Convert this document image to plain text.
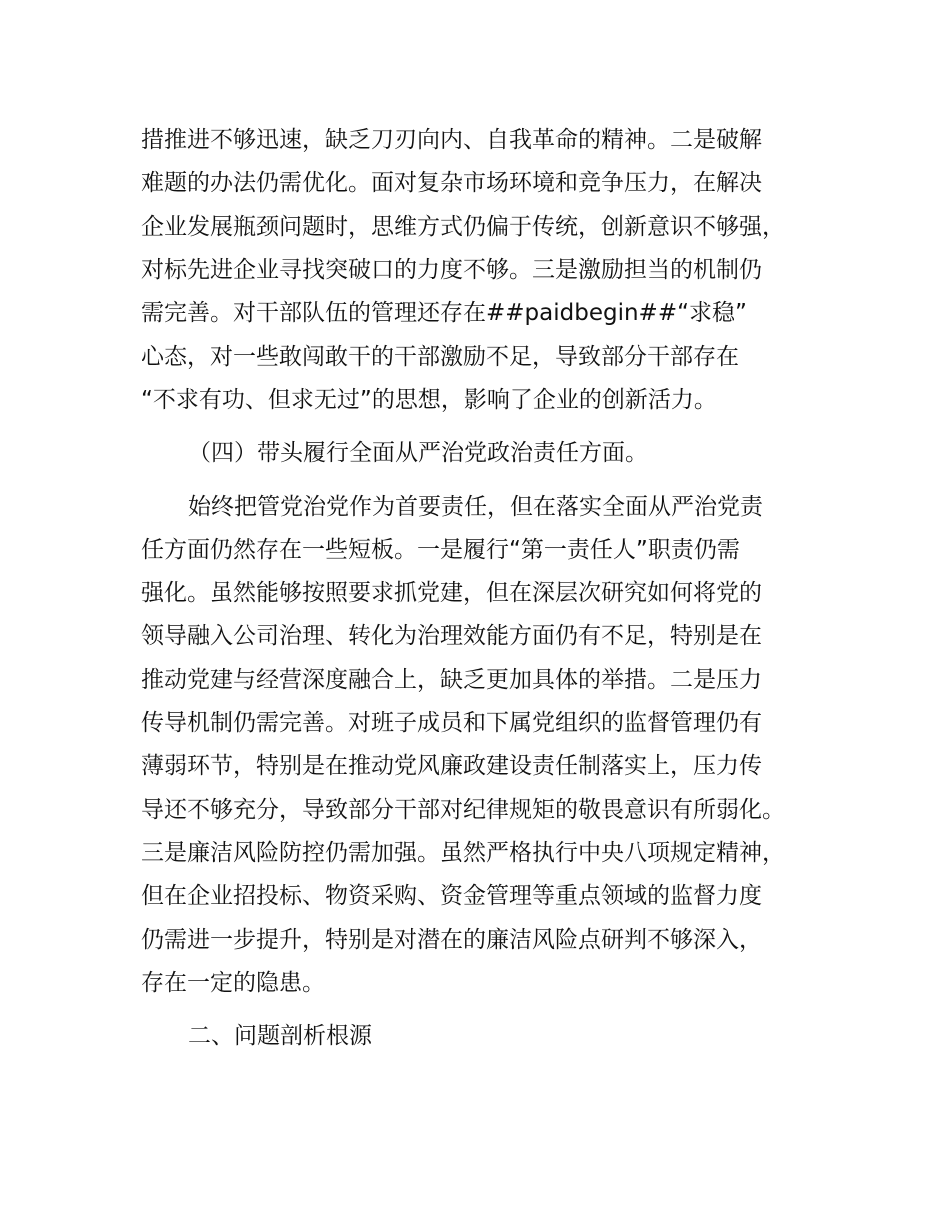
措推进不够迅速，缺乏刀刃向内、自我革命的精神。二是破解
难题的办法仍需优化。面对复杂市场环境和竞争压力，在解决
企业发展瓶颈问题时，思维方式仍偏于传统，创新意识不够强，
对标先进企业寻找突破口的力度不够。三是激励担当的机制仍
需完善。对干部队伍的管理还存在##paidbegin##“求稳”
心态，对一些敢闯敢干的干部激励不足，导致部分干部存在
“不求有功、但求无过”的思想，影响了企业的创新活力。
（四）带头履行全面从严治党政治责任方面。
始终把管党治党作为首要责任，但在落实全面从严治党责
任方面仍然存在一些短板。一是履行“第一责任人”职责仍需
强化。虽然能够按照要求抓党建，但在深层次研究如何将党的
领导融入公司治理、转化为治理效能方面仍有不足，特别是在
推动党建与经营深度融合上，缺乏更加具体的举措。二是压力
传导机制仍需完善。对班子成员和下属党组织的监督管理仍有
薄弱环节，特别是在推动党风廉政建设责任制落实上，压力传
导还不够充分，导致部分干部对纪律规矩的敬畏意识有所弱化。
三是廉洁风险防控仍需加强。虽然严格执行中央八项规定精神，
但在企业招投标、物资采购、资金管理等重点领域的监督力度
仍需进一步提升，特别是对潜在的廉洁风险点研判不够深入，
存在一定的隐患。
二、问题剖析根源
